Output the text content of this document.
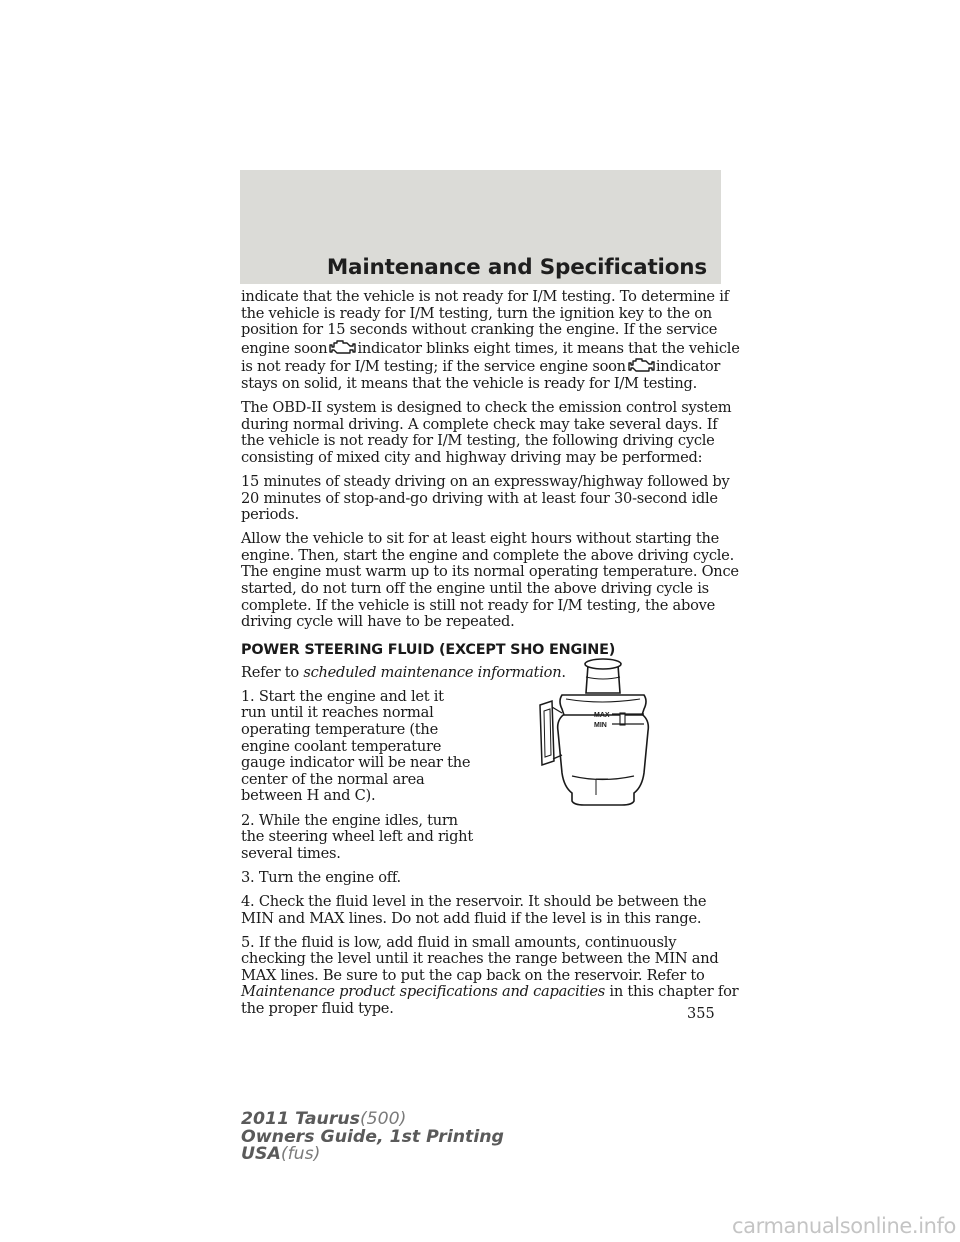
Maintenance and Specifications

indicate that the vehicle is not ready for I/M testing. To determine if the vehicle is ready for I/M testing, turn the ignition key to the on position for 15 seconds without cranking the engine. If the service engine soon indicator blinks eight times, it means that the vehicle is not ready for I/M testing; if the service engine soon indicator stays on solid, it means that the vehicle is ready for I/M testing.

The OBD-II system is designed to check the emission control system during normal driving. A complete check may take several days. If the vehicle is not ready for I/M testing, the following driving cycle consisting of mixed city and highway driving may be performed:

15 minutes of steady driving on an expressway/highway followed by 20 minutes of stop-and-go driving with at least four 30-second idle periods.

Allow the vehicle to sit for at least eight hours without starting the engine. Then, start the engine and complete the above driving cycle. The engine must warm up to its normal operating temperature. Once started, do not turn off the engine until the above driving cycle is complete. If the vehicle is still not ready for I/M testing, the above driving cycle will have to be repeated.

POWER STEERING FLUID (EXCEPT SHO ENGINE)

Refer to scheduled maintenance information.

1. Start the engine and let it run until it reaches normal operating temperature (the engine coolant temperature gauge indicator will be near the center of the normal area between H and C).

2. While the engine idles, turn the steering wheel left and right several times.

3. Turn the engine off.

4. Check the fluid level in the reservoir. It should be between the MIN and MAX lines. Do not add fluid if the level is in this range.

5. If the fluid is low, add fluid in small amounts, continuously checking the level until it reaches the range between the MIN and MAX lines. Be sure to put the cap back on the reservoir. Refer to Maintenance product specifications and capacities in this chapter for the proper fluid type.

MAX
MIN
355
2011 Taurus(500)
Owners Guide, 1st Printing
USA(fus)
carmanualsonline.info
